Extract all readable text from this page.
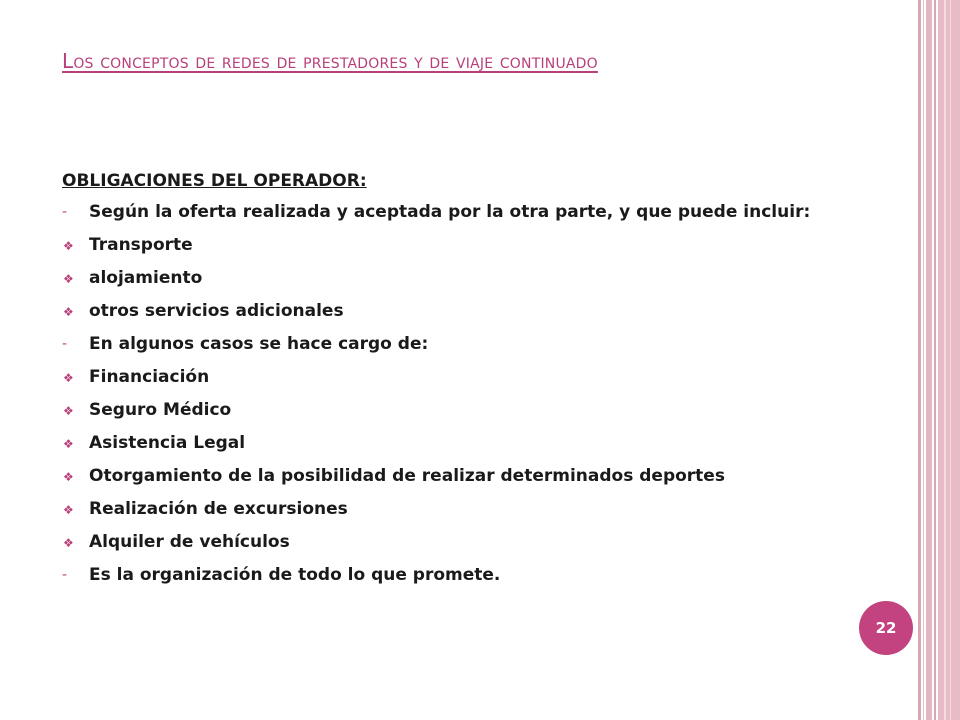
Los conceptos de redes de prestadores y de viaje continuado
OBLIGACIONES DEL OPERADOR:
- Según la oferta realizada y aceptada por la otra parte, y que puede incluir:
❖ Transporte
❖ alojamiento
❖ otros servicios adicionales
- En algunos casos se hace cargo de:
❖ Financiación
❖ Seguro Médico
❖ Asistencia Legal
❖ Otorgamiento de la posibilidad de realizar determinados deportes
❖ Realización de excursiones
❖ Alquiler de vehículos
- Es la organización de todo lo que promete.
22
